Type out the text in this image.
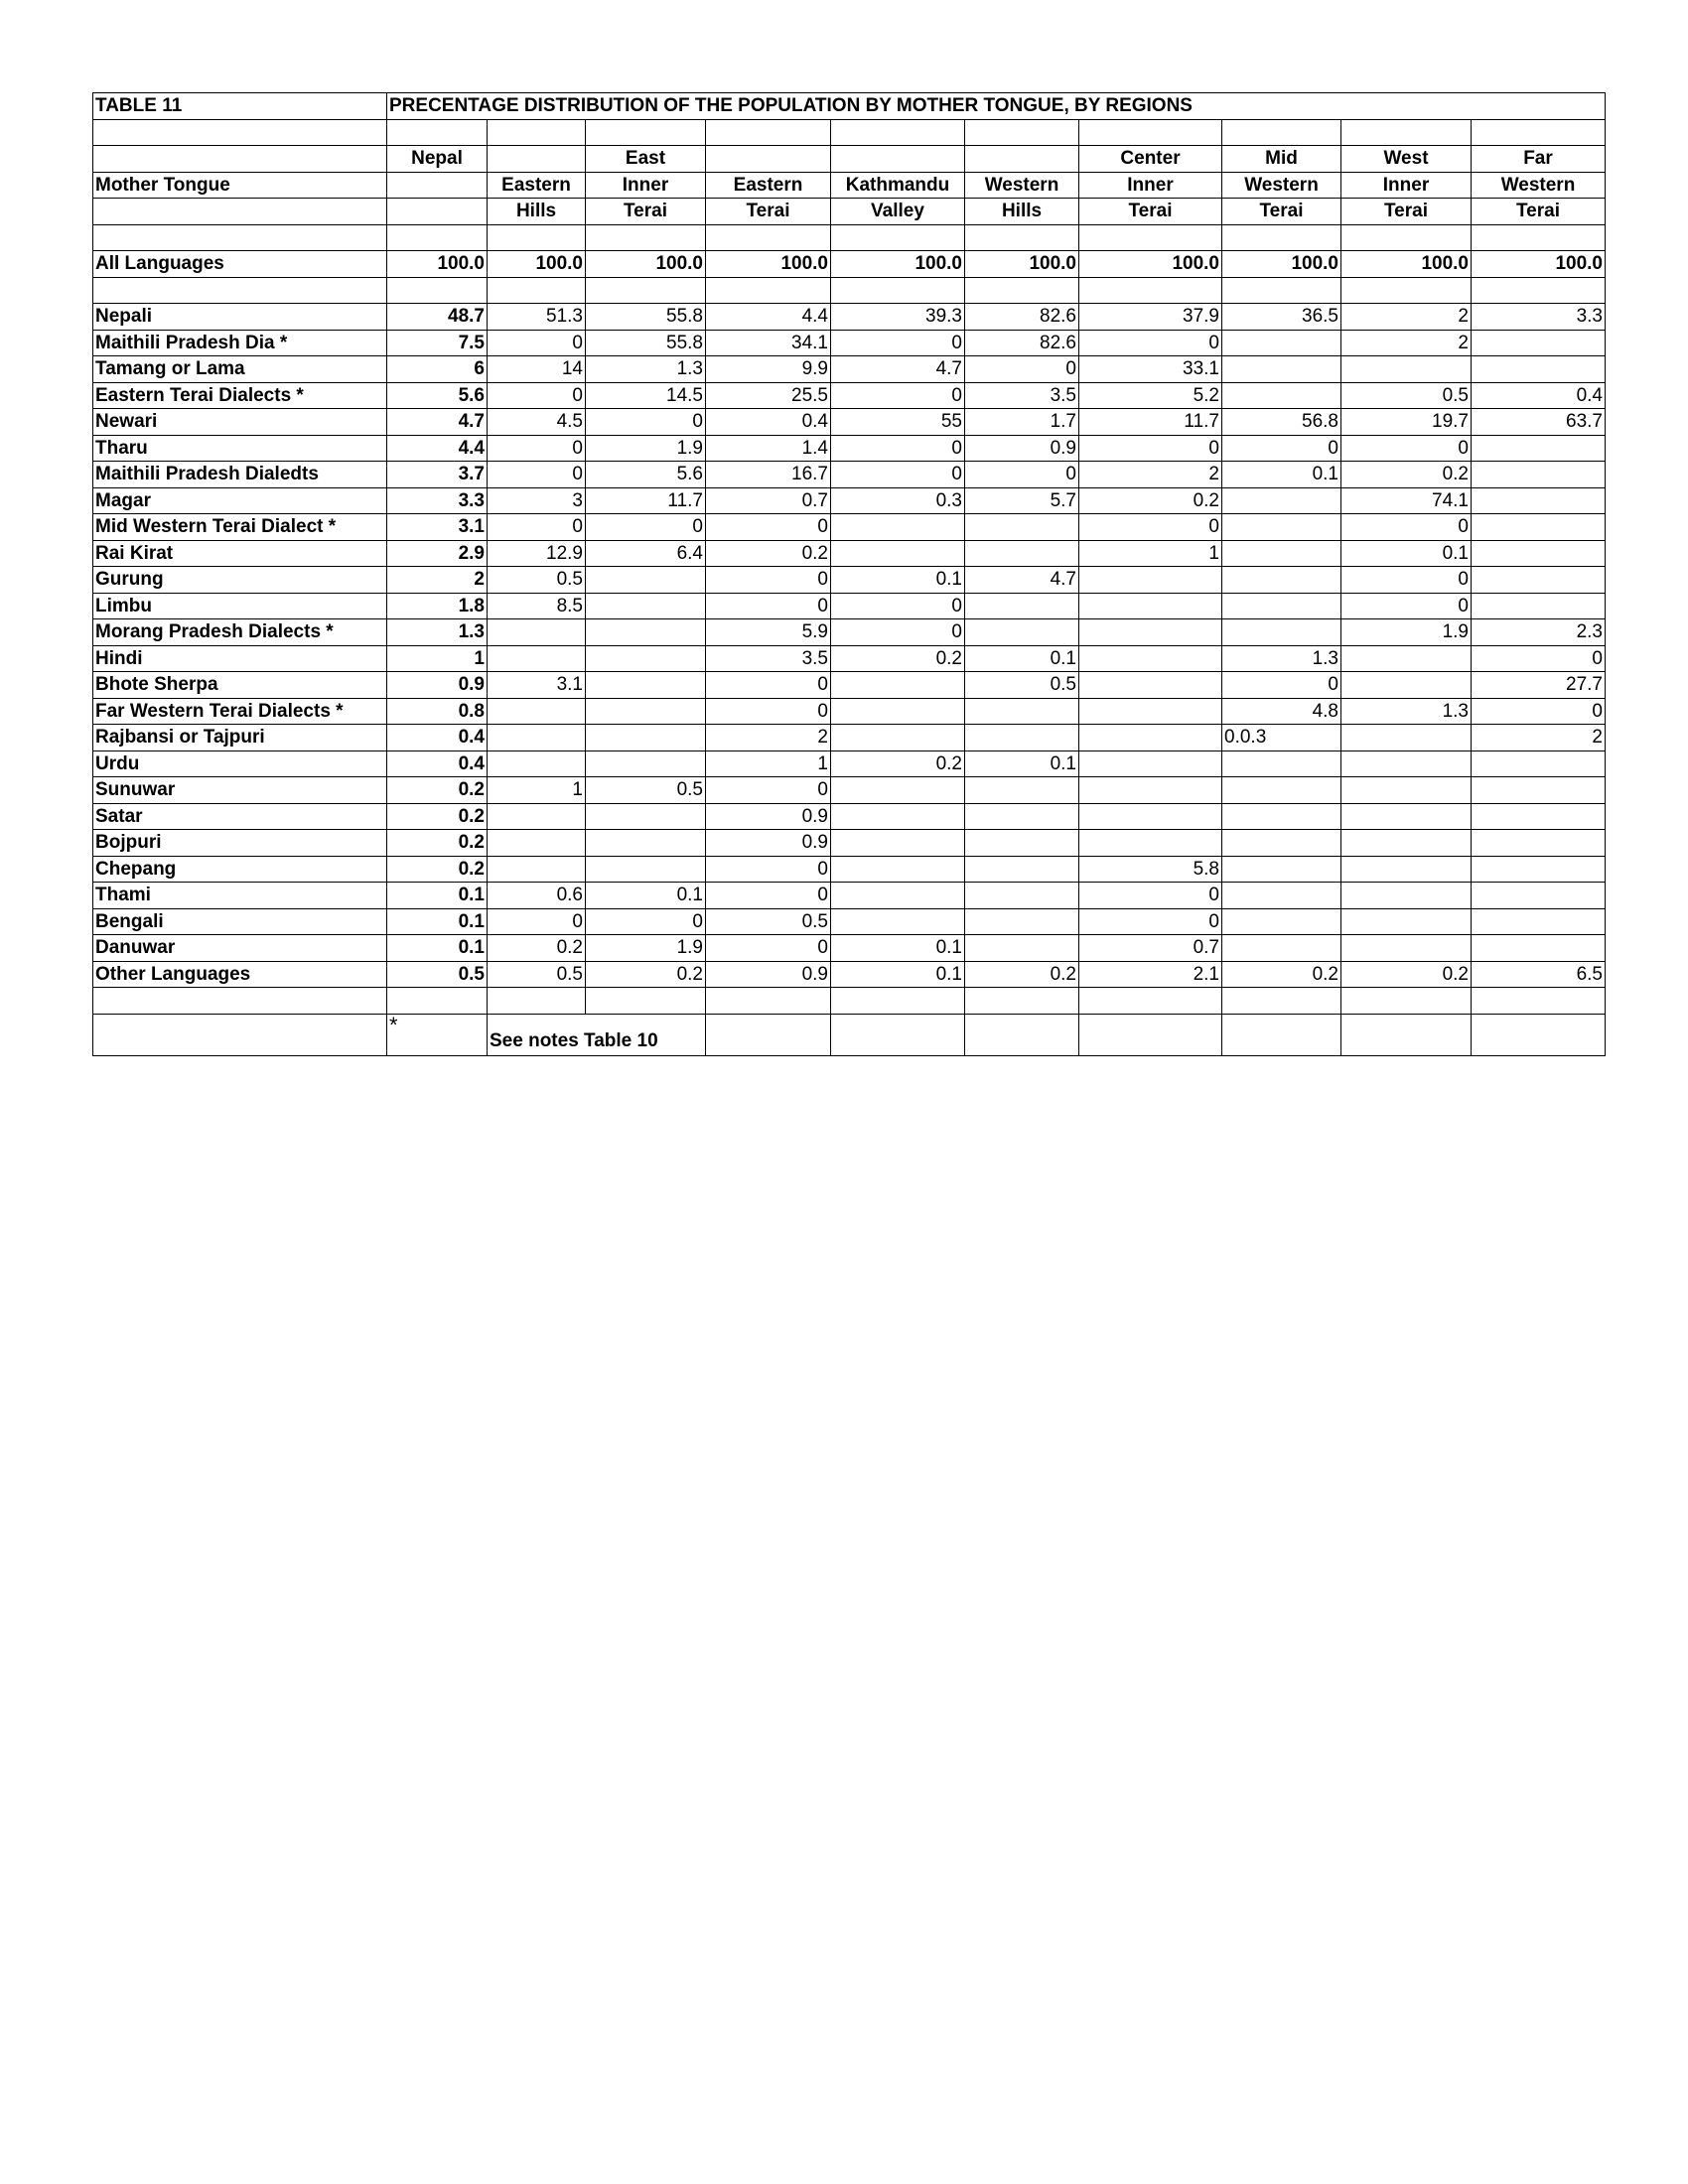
TABLE 11	PRECENTAGE DISTRIBUTION OF THE POPULATION BY MOTHER TONGUE, BY REGIONS									

	Nepal		East				Center	Mid	West	Far
Mother Tongue		Eastern	Inner	Eastern	Kathmandu	Western	Inner	Western	Inner	Western
		Hills	Terai	Terai	Valley	Hills	Terai	Terai	Terai	Terai

All Languages	100.0	100.0	100.0	100.0	100.0	100.0	100.0	100.0	100.0	100.0

Nepali	48.7	51.3	55.8	4.4	39.3	82.6	37.9	36.5	2	3.3
Maithili Pradesh Dia *	7.5	0	55.8	34.1	0	82.6	0		2	
Tamang or Lama	6	14	1.3	9.9	4.7	0	33.1			
Eastern Terai Dialects *	5.6	0	14.5	25.5	0	3.5	5.2		0.5	0.4
Newari	4.7	4.5	0	0.4	55	1.7	11.7	56.8	19.7	63.7
Tharu	4.4	0	1.9	1.4	0	0.9	0	0	0	
Maithili Pradesh Dialedts	3.7	0	5.6	16.7	0	0	2	0.1	0.2	
Magar	3.3	3	11.7	0.7	0.3	5.7	0.2		74.1	
Mid Western Terai Dialect *	3.1	0	0	0			0		0	
Rai Kirat	2.9	12.9	6.4	0.2			1		0.1	
Gurung	2	0.5		0	0.1	4.7			0	
Limbu	1.8	8.5		0	0				0	
Morang Pradesh Dialects *	1.3			5.9	0				1.9	2.3
Hindi	1			3.5	0.2	0.1		1.3		0
Bhote Sherpa	0.9	3.1		0		0.5		0		27.7
Far Western Terai Dialects *	0.8			0				4.8	1.3	0
Rajbansi or Tajpuri	0.4			2				0.0.3		2
Urdu	0.4			1	0.2	0.1				
Sunuwar	0.2	1	0.5	0						
Satar	0.2			0.9						
Bojpuri	0.2			0.9						
Chepang	0.2			0			5.8			
Thami	0.1	0.6	0.1	0			0			
Bengali	0.1	0	0	0.5			0			
Danuwar	0.1	0.2	1.9	0	0.1		0.7			
Other Languages	0.5	0.5	0.2	0.9	0.1	0.2	2.1	0.2	0.2	6.5

	*	See notes Table 10								
